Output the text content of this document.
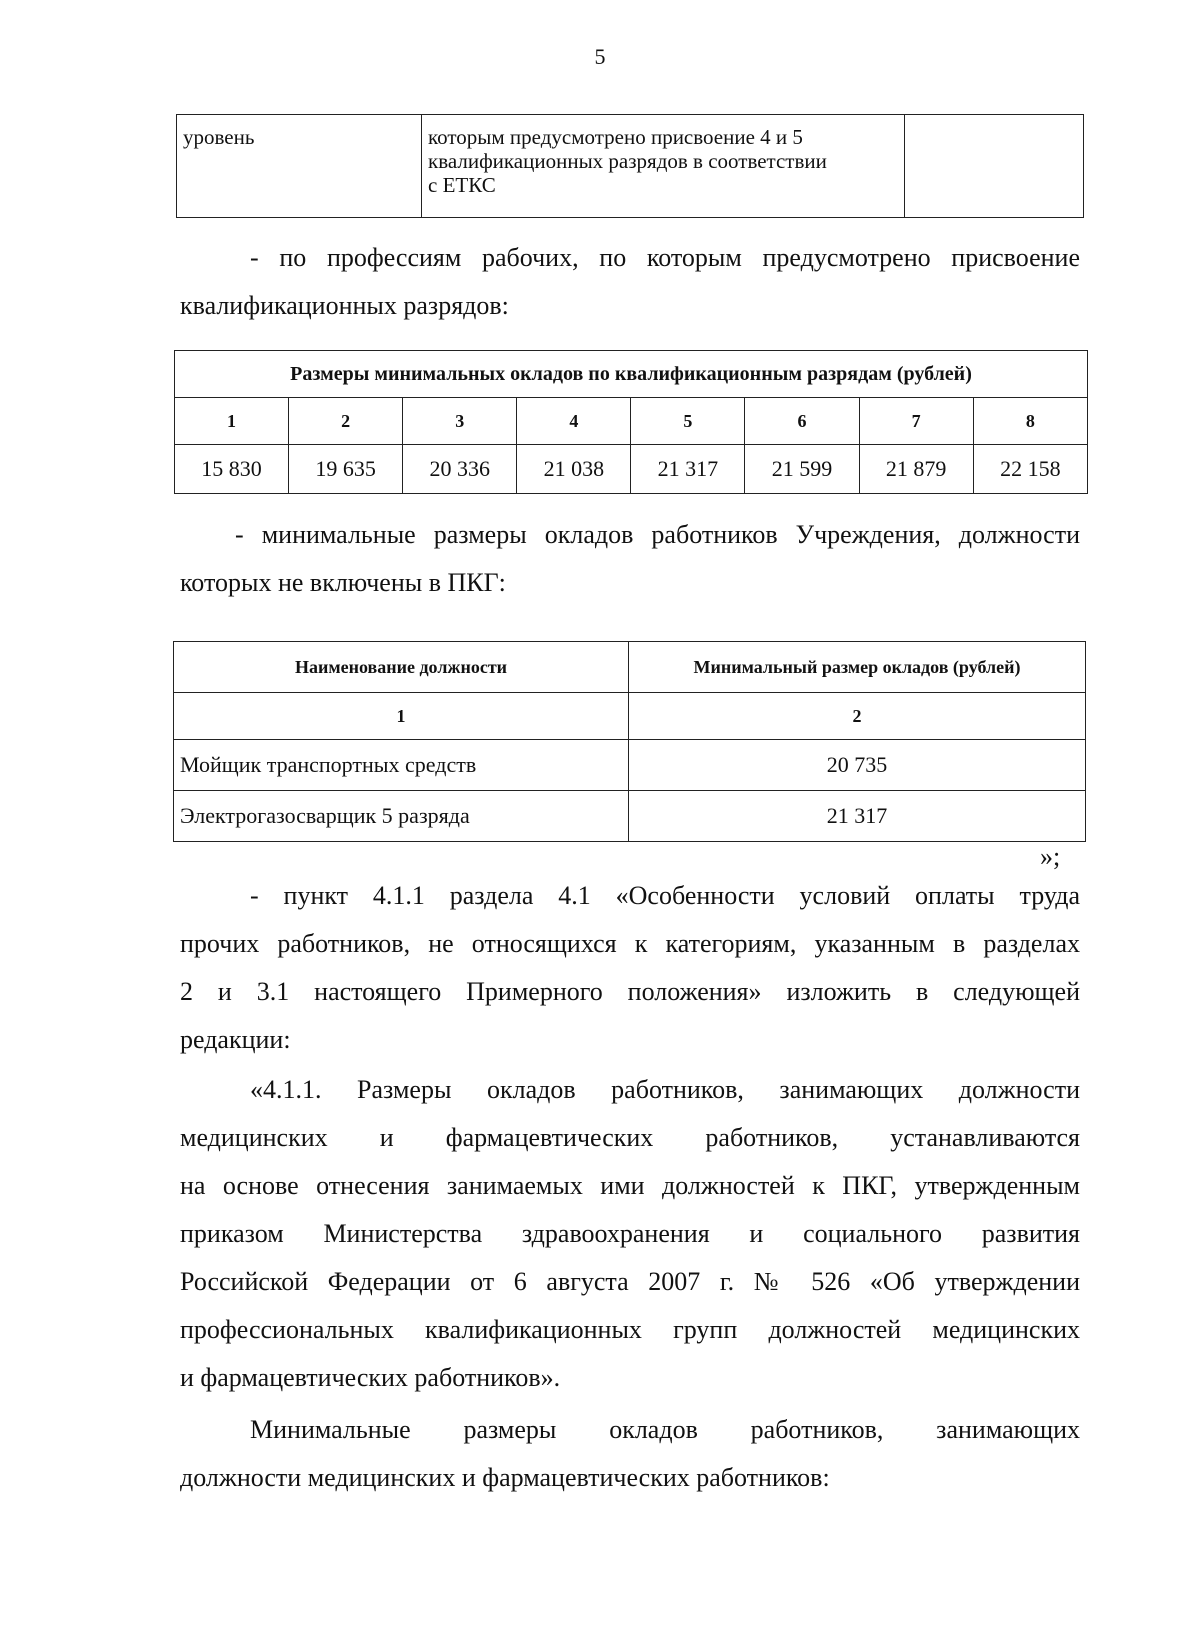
5
уровень	которым предусмотрено присвоение 4 и 5
квалификационных разрядов в соответствии
с ЕТКС

- по профессиям рабочих, по которым предусмотрено присвоение
квалификационных разрядов:
Размеры минимальных окладов по квалификационным разрядам (рублей)							
1	2	3	4	5	6	7	8
15 830	19 635	20 336	21 038	21 317	21 599	21 879	22 158
- минимальные размеры окладов работников Учреждения, должности
которых не включены в ПКГ:
Наименование должности	Минимальный размер окладов (рублей)
1	2
Мойщик транспортных средств	20 735
Электрогазосварщик 5 разряда	21 317
»;
- пункт 4.1.1 раздела 4.1 «Особенности условий оплаты труда
прочих работников, не относящихся к категориям, указанным в разделах
2 и 3.1 настоящего Примерного положения» изложить в следующей
редакции:
«4.1.1. Размеры окладов работников, занимающих должности
медицинских и фармацевтических работников, устанавливаются
на основе отнесения занимаемых ими должностей к ПКГ, утвержденным
приказом Министерства здравоохранения и социального развития
Российской Федерации от 6 августа 2007 г. № 526 «Об утверждении
профессиональных квалификационных групп должностей медицинских
и фармацевтических работников».
Минимальные размеры окладов работников, занимающих
должности медицинских и фармацевтических работников:
